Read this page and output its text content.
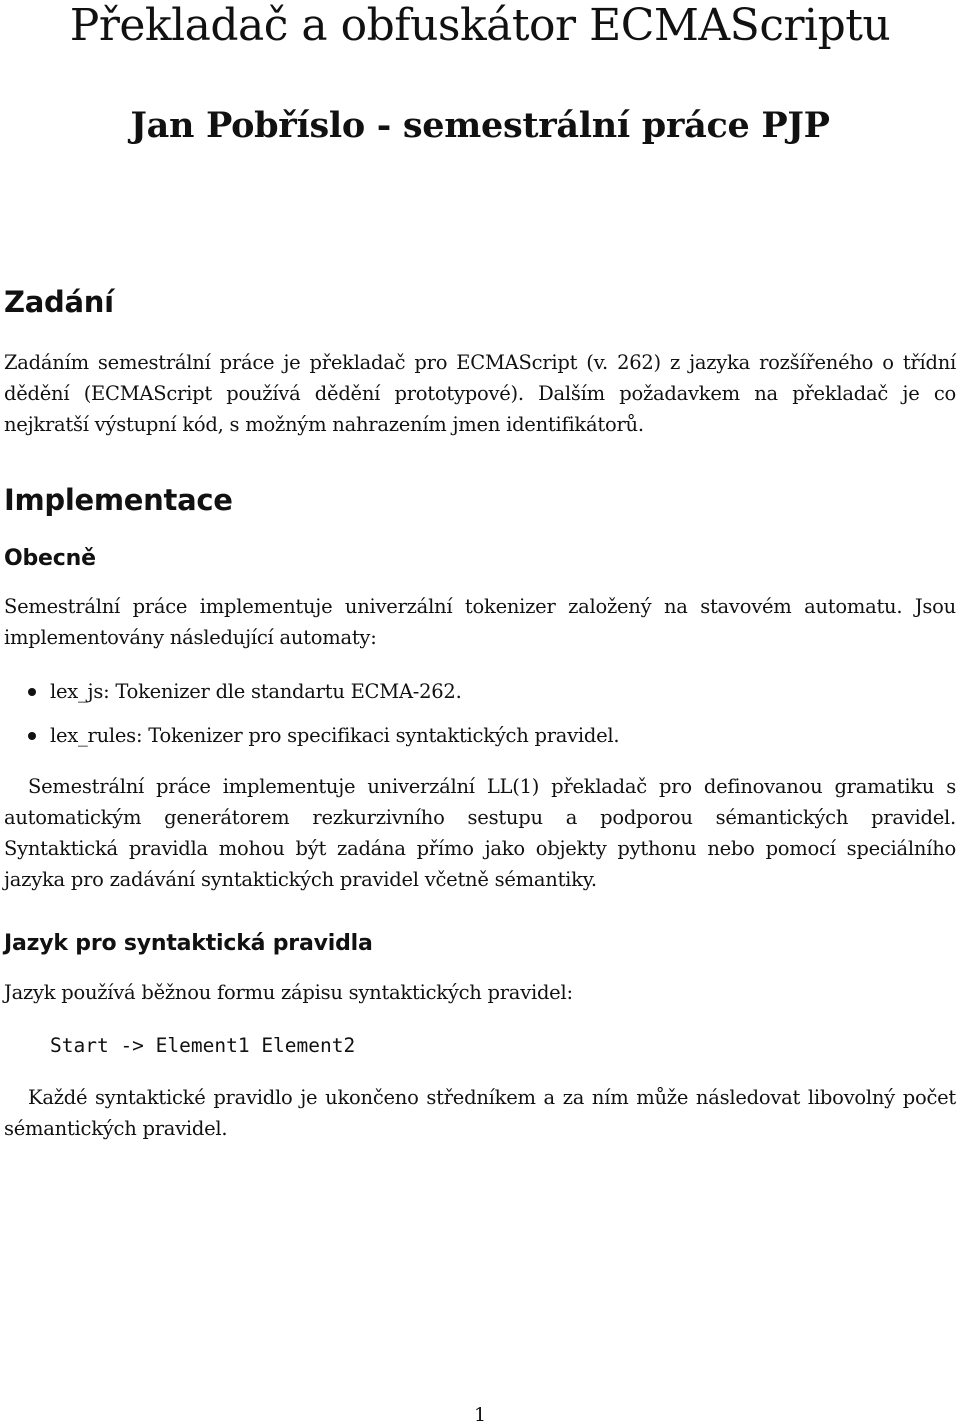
Překladač a obfuskátor ECMAScriptu
Jan Pobříslo - semestrální práce PJP
Zadání

Zadáním semestrální práce je překladač pro ECMAScript (v. 262) z jazyka rozšířeného o třídní dědění (ECMAScript používá dědění prototypové). Dalším požadavkem na překladač je co nejkratší výstupní kód, s možným nahrazením jmen identifikátorů.

Implementace
Obecně

Semestrální práce implementuje univerzální tokenizer založený na stavovém automatu. Jsou implementovány následující automaty:

lex_js: Tokenizer dle standartu ECMA-262.
lex_rules: Tokenizer pro specifikaci syntaktických pravidel.

Semestrální práce implementuje univerzální LL(1) překladač pro definovanou gramatiku s automatickým generátorem rezkurzivního sestupu a podporou sémantických pravidel. Syntaktická pravidla mohou být zadána přímo jako objekty pythonu nebo pomocí speciálního jazyka pro zadávání syntaktických pravidel včetně sémantiky.

Jazyk pro syntaktická pravidla

Jazyk používá běžnou formu zápisu syntaktických pravidel:

Start -> Element1 Element2

Každé syntaktické pravidlo je ukončeno středníkem a za ním může následovat libovolný počet sémantických pravidel.

1
